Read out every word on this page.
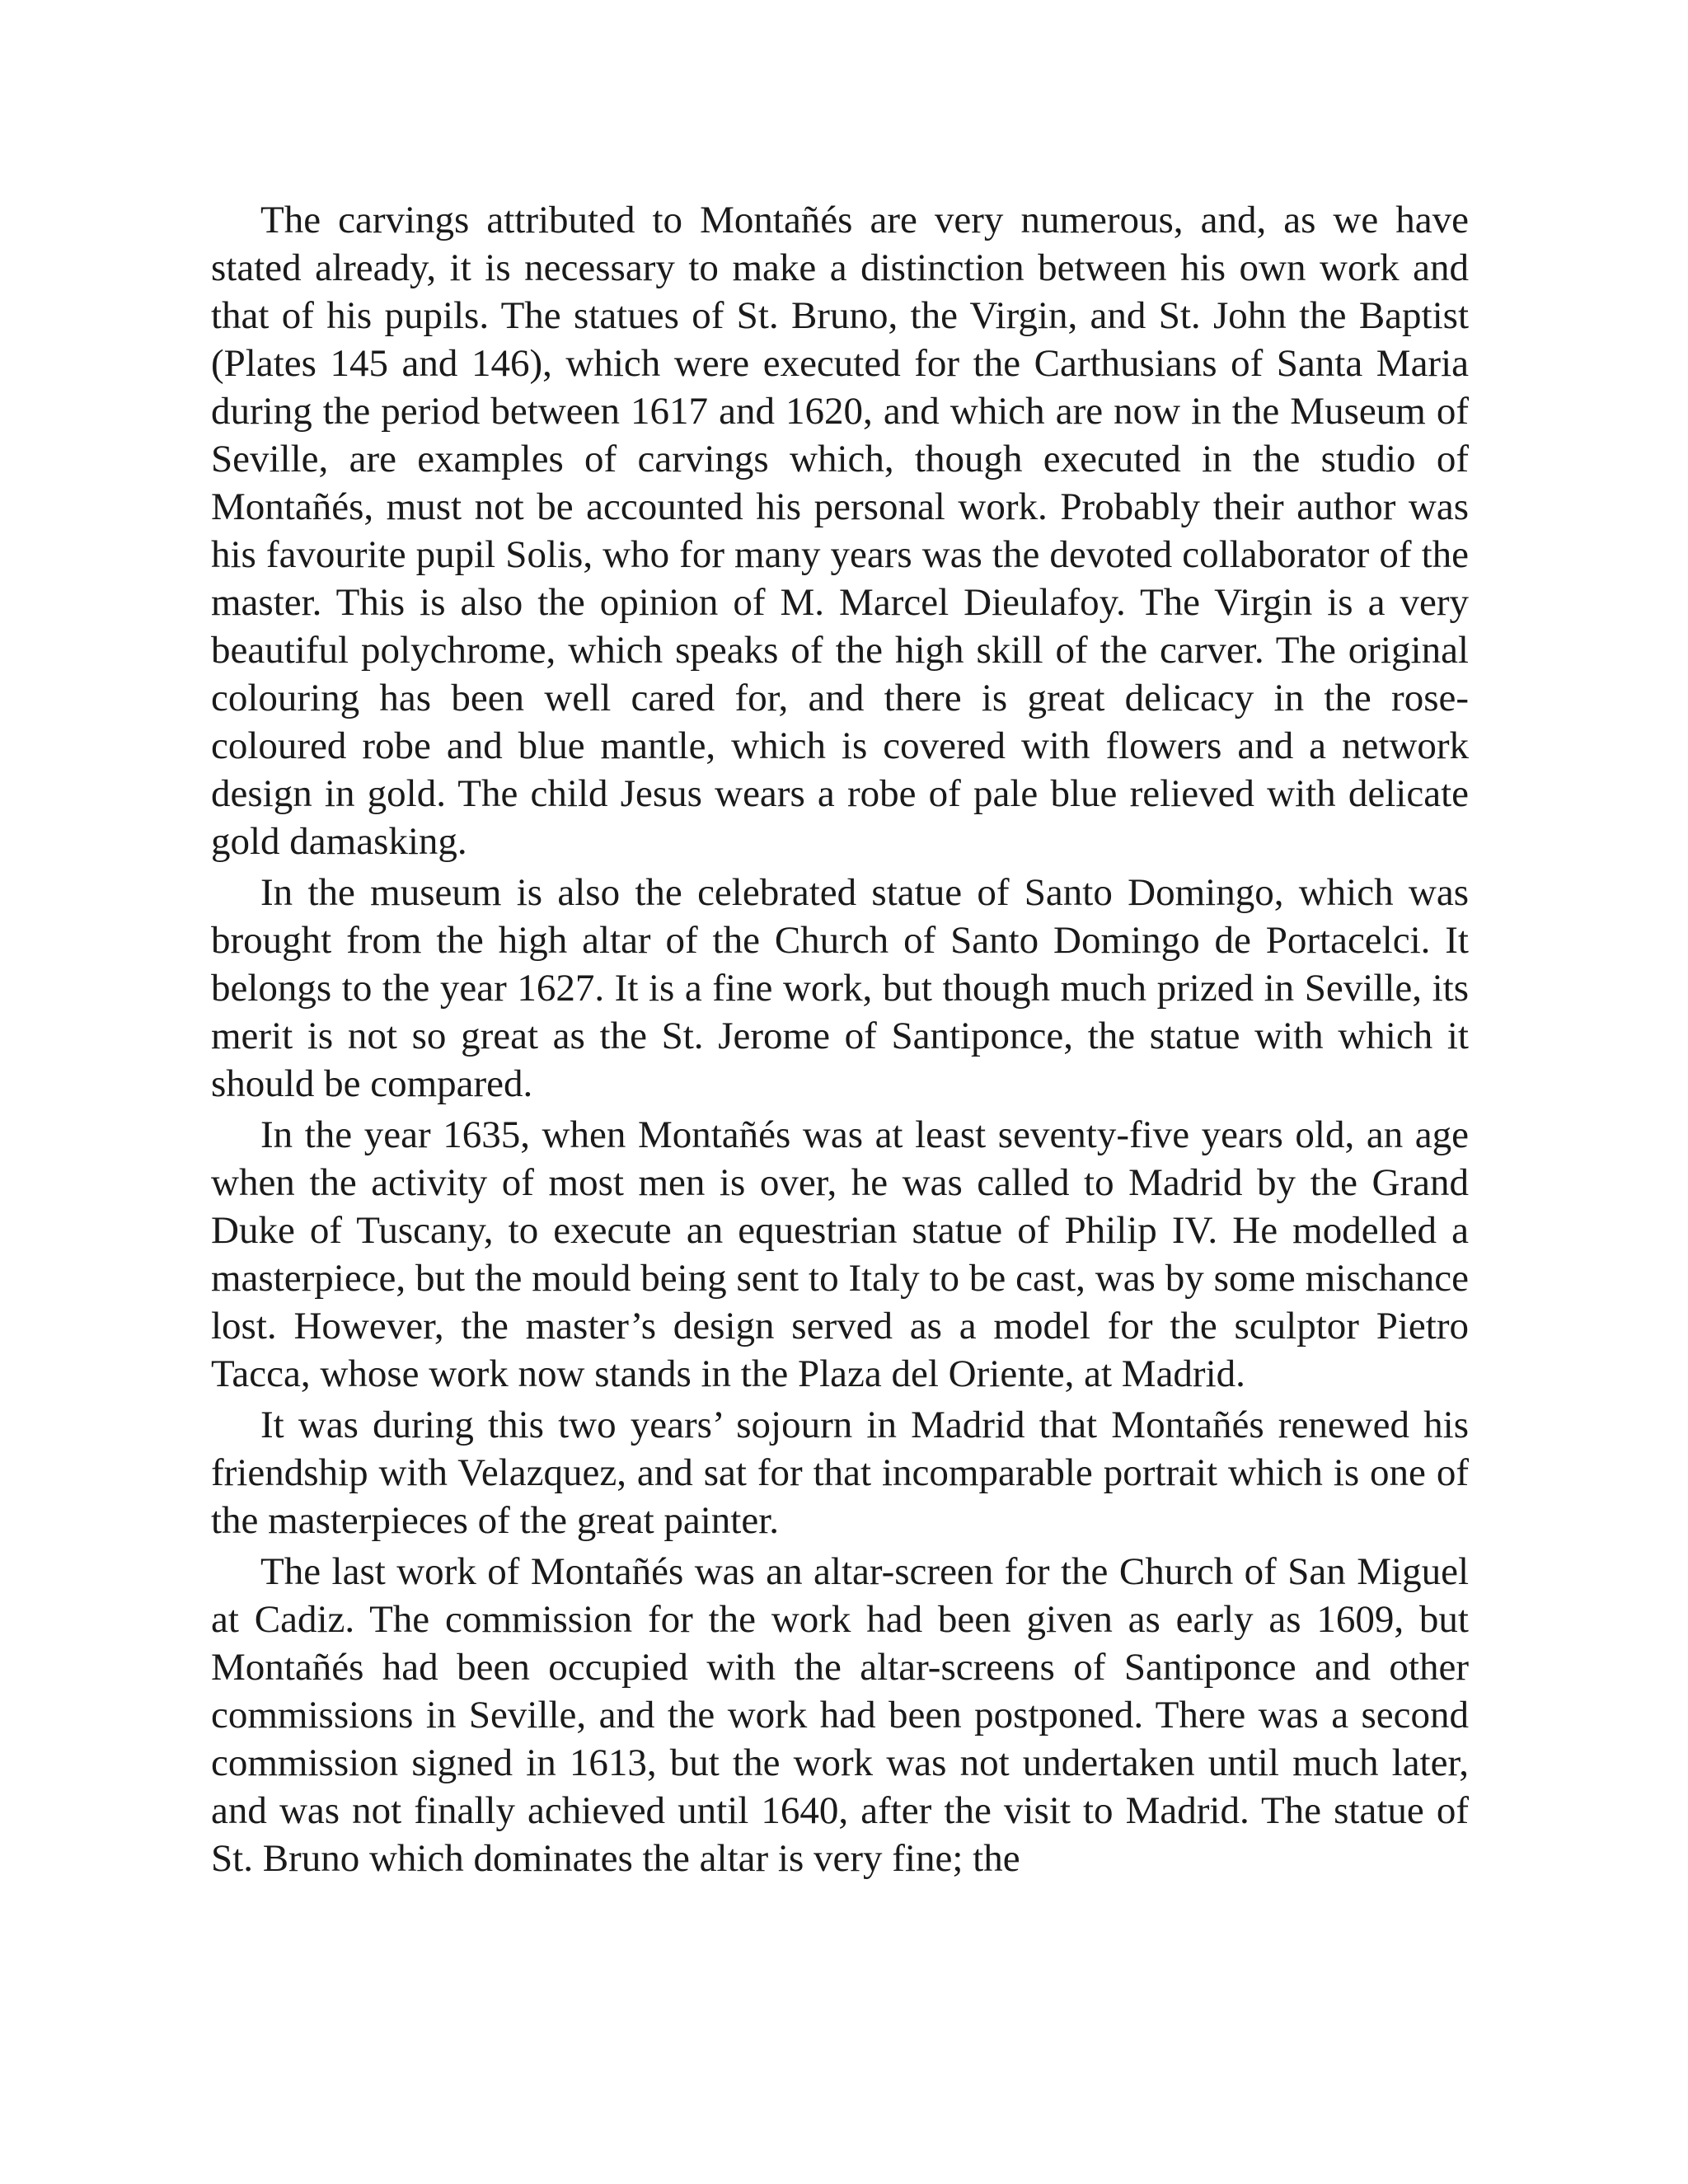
The carvings attributed to Montañés are very numerous, and, as we have stated already, it is necessary to make a distinction between his own work and that of his pupils. The statues of St. Bruno, the Virgin, and St. John the Baptist (Plates 145 and 146), which were executed for the Carthusians of Santa Maria during the period between 1617 and 1620, and which are now in the Museum of Seville, are examples of carvings which, though executed in the studio of Montañés, must not be accounted his personal work. Probably their author was his favourite pupil Solis, who for many years was the devoted collaborator of the master. This is also the opinion of M. Marcel Dieulafoy. The Virgin is a very beautiful polychrome, which speaks of the high skill of the carver. The original colouring has been well cared for, and there is great delicacy in the rose-coloured robe and blue mantle, which is covered with flowers and a network design in gold. The child Jesus wears a robe of pale blue relieved with delicate gold damasking.

In the museum is also the celebrated statue of Santo Domingo, which was brought from the high altar of the Church of Santo Domingo de Portacelci. It belongs to the year 1627. It is a fine work, but though much prized in Seville, its merit is not so great as the St. Jerome of Santiponce, the statue with which it should be compared.

In the year 1635, when Montañés was at least seventy-five years old, an age when the activity of most men is over, he was called to Madrid by the Grand Duke of Tuscany, to execute an equestrian statue of Philip IV. He modelled a masterpiece, but the mould being sent to Italy to be cast, was by some mischance lost. However, the master’s design served as a model for the sculptor Pietro Tacca, whose work now stands in the Plaza del Oriente, at Madrid.

It was during this two years’ sojourn in Madrid that Montañés renewed his friendship with Velazquez, and sat for that incomparable portrait which is one of the masterpieces of the great painter.

The last work of Montañés was an altar-screen for the Church of San Miguel at Cadiz. The commission for the work had been given as early as 1609, but Montañés had been occupied with the altar-screens of Santiponce and other commissions in Seville, and the work had been postponed. There was a second commission signed in 1613, but the work was not undertaken until much later, and was not finally achieved until 1640, after the visit to Madrid. The statue of St. Bruno which dominates the altar is very fine; the
